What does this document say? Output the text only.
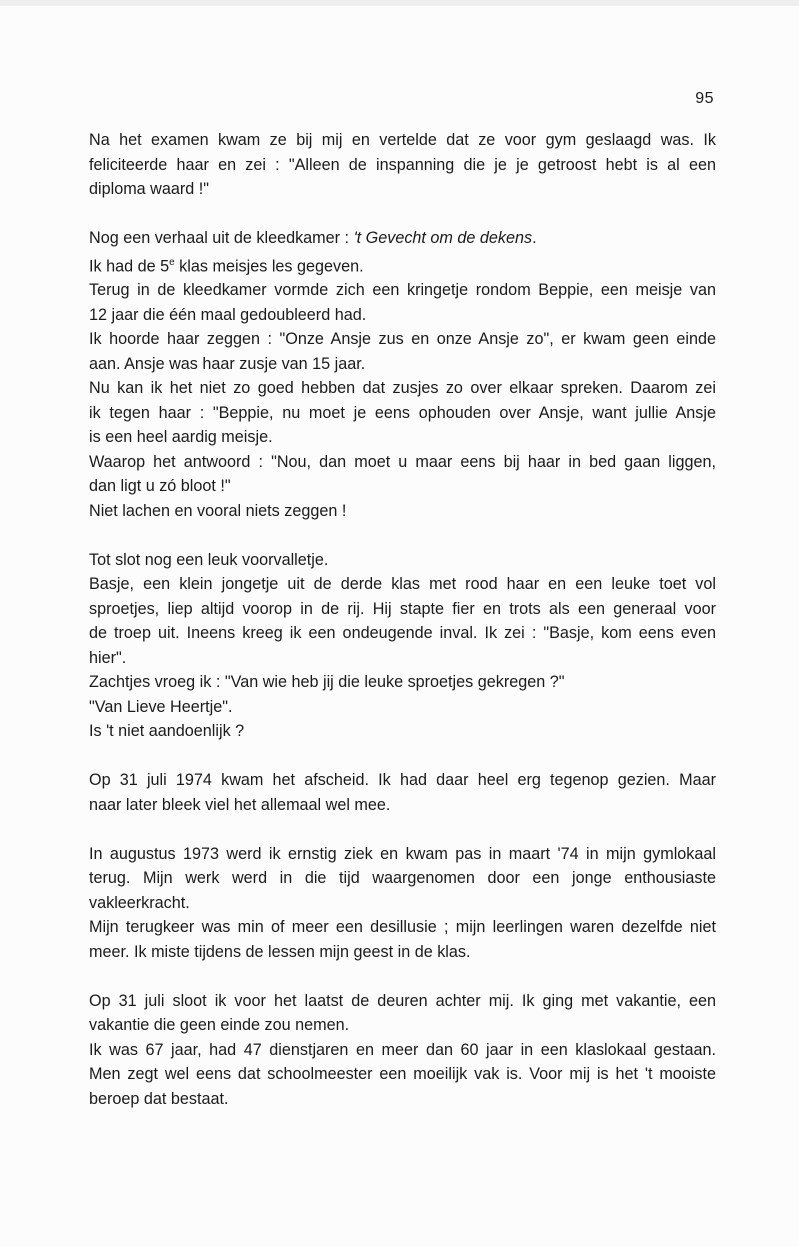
95
Na het examen kwam ze bij mij en vertelde dat ze voor gym geslaagd was. Ik
feliciteerde haar en zei : "Alleen de inspanning die je je getroost hebt is al een
diploma waard !"
Nog een verhaal uit de kleedkamer : 't Gevecht om de dekens.
Ik had de 5e klas meisjes les gegeven.
Terug in de kleedkamer vormde zich een kringetje rondom Beppie, een meisje van
12 jaar die één maal gedoubleerd had.
Ik hoorde haar zeggen : "Onze Ansje zus en onze Ansje zo", er kwam geen einde
aan. Ansje was haar zusje van 15 jaar.
Nu kan ik het niet zo goed hebben dat zusjes zo over elkaar spreken. Daarom zei
ik tegen haar : "Beppie, nu moet je eens ophouden over Ansje, want jullie Ansje
is een heel aardig meisje.
Waarop het antwoord : "Nou, dan moet u maar eens bij haar in bed gaan liggen,
dan ligt u zó bloot !"
Niet lachen en vooral niets zeggen !
Tot slot nog een leuk voorvalletje.
Basje, een klein jongetje uit de derde klas met rood haar en een leuke toet vol
sproetjes, liep altijd voorop in de rij. Hij stapte fier en trots als een generaal voor
de troep uit. Ineens kreeg ik een ondeugende inval. Ik zei : "Basje, kom eens even
hier".
Zachtjes vroeg ik : "Van wie heb jij die leuke sproetjes gekregen ?"
"Van Lieve Heertje".
Is 't niet aandoenlijk ?
Op 31 juli 1974 kwam het afscheid. Ik had daar heel erg tegenop gezien. Maar
naar later bleek viel het allemaal wel mee.
In augustus 1973 werd ik ernstig ziek en kwam pas in maart '74 in mijn gymlokaal
terug. Mijn werk werd in die tijd waargenomen door een jonge enthousiaste
vakleerkracht.
Mijn terugkeer was min of meer een desillusie ; mijn leerlingen waren dezelfde niet
meer. Ik miste tijdens de lessen mijn geest in de klas.
Op 31 juli sloot ik voor het laatst de deuren achter mij. Ik ging met vakantie, een
vakantie die geen einde zou nemen.
Ik was 67 jaar, had 47 dienstjaren en meer dan 60 jaar in een klaslokaal gestaan.
Men zegt wel eens dat schoolmeester een moeilijk vak is. Voor mij is het 't mooiste
beroep dat bestaat.
